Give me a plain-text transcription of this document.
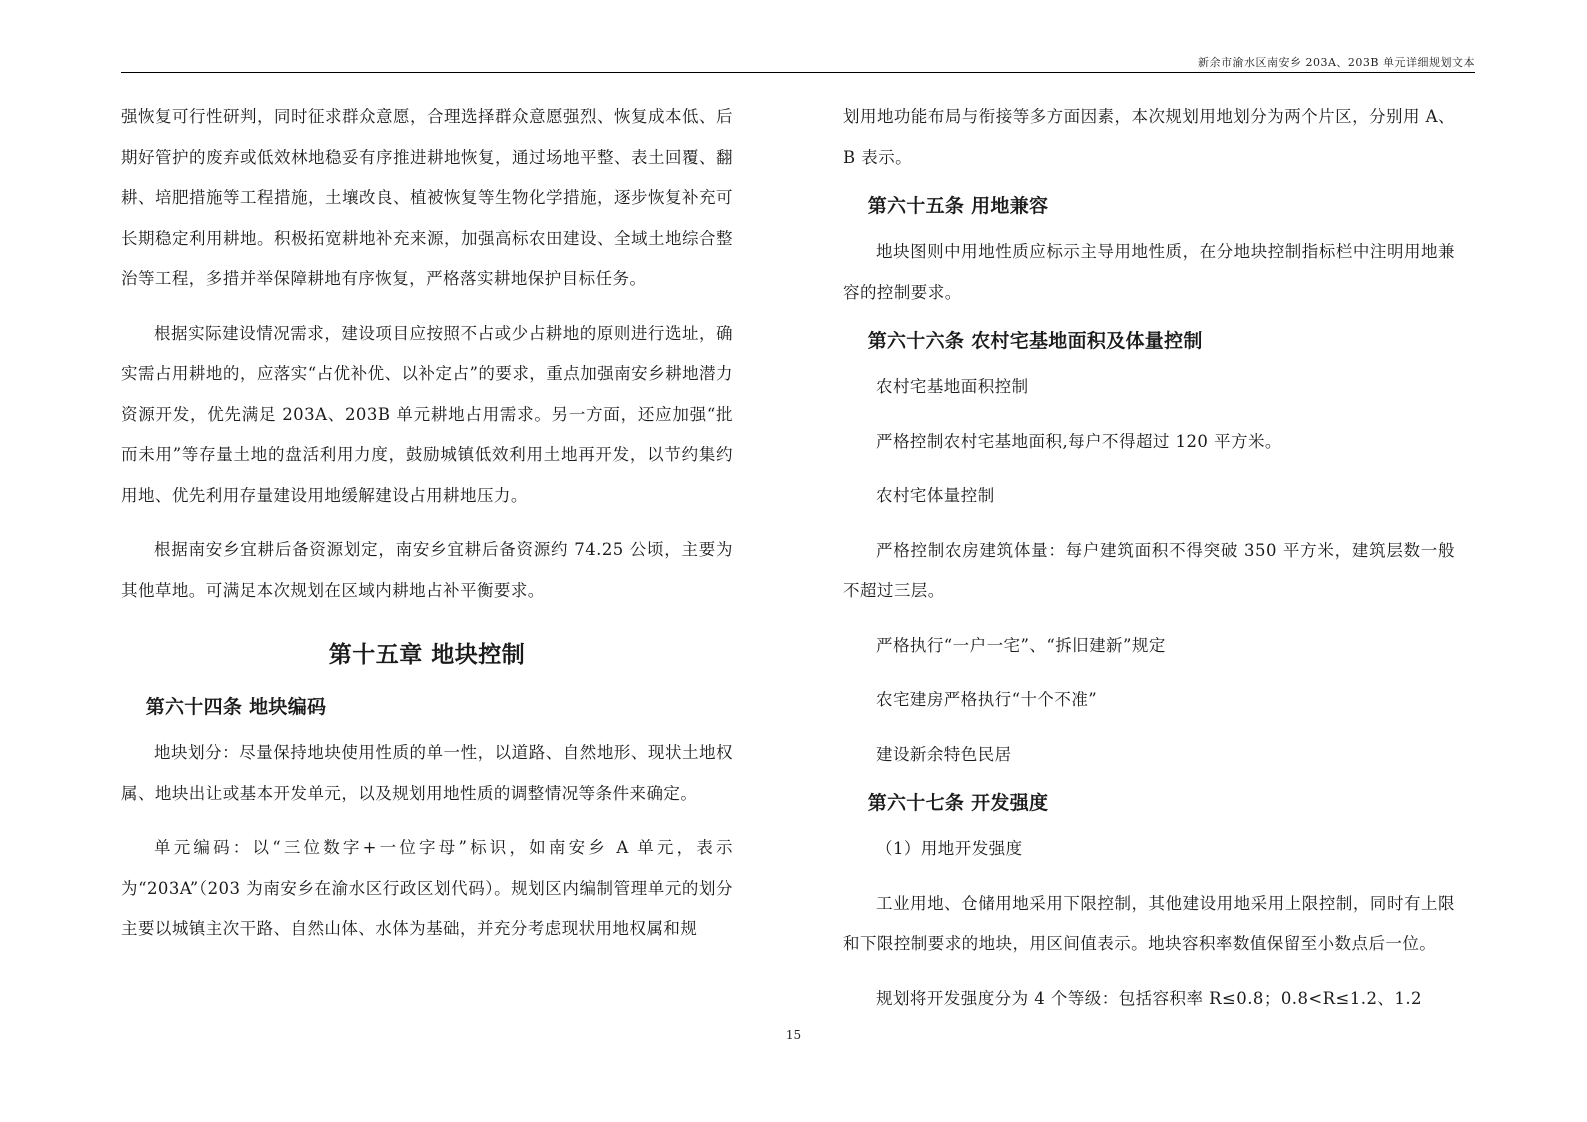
新余市渝水区南安乡 203A、203B 单元详细规划文本

强恢复可行性研判，同时征求群众意愿，合理选择群众意愿强烈、恢复成本低、后期好管护的废弃或低效林地稳妥有序推进耕地恢复，通过场地平整、表土回覆、翻耕、培肥措施等工程措施，土壤改良、植被恢复等生物化学措施，逐步恢复补充可长期稳定利用耕地。积极拓宽耕地补充来源，加强高标农田建设、全域土地综合整治等工程，多措并举保障耕地有序恢复，严格落实耕地保护目标任务。

根据实际建设情况需求，建设项目应按照不占或少占耕地的原则进行选址，确实需占用耕地的，应落实“占优补优、以补定占”的要求，重点加强南安乡耕地潜力资源开发，优先满足 203A、203B 单元耕地占用需求。另一方面，还应加强“批而未用”等存量土地的盘活利用力度，鼓励城镇低效利用土地再开发，以节约集约用地、优先利用存量建设用地缓解建设占用耕地压力。

根据南安乡宜耕后备资源划定，南安乡宜耕后备资源约 74.25 公顷，主要为其他草地。可满足本次规划在区域内耕地占补平衡要求。

第十五章 地块控制
第六十四条 地块编码

地块划分：尽量保持地块使用性质的单一性，以道路、自然地形、现状土地权属、地块出让或基本开发单元，以及规划用地性质的调整情况等条件来确定。

单元编码：以“三位数字+一位字母”标识，如南安乡 A 单元，表示为“203A”（203 为南安乡在渝水区行政区划代码）。规划区内编制管理单元的划分主要以城镇主次干路、自然山体、水体为基础，并充分考虑现状用地权属和规

划用地功能布局与衔接等多方面因素，本次规划用地划分为两个片区，分别用 A、B 表示。

第六十五条 用地兼容

地块图则中用地性质应标示主导用地性质，在分地块控制指标栏中注明用地兼容的控制要求。

第六十六条 农村宅基地面积及体量控制

农村宅基地面积控制

严格控制农村宅基地面积,每户不得超过 120 平方米。

农村宅体量控制

严格控制农房建筑体量：每户建筑面积不得突破 350 平方米，建筑层数一般不超过三层。

严格执行“一户一宅”、“拆旧建新”规定

农宅建房严格执行“十个不准”

建设新余特色民居

第六十七条 开发强度

（1）用地开发强度

工业用地、仓储用地采用下限控制，其他建设用地采用上限控制，同时有上限和下限控制要求的地块，用区间值表示。地块容积率数值保留至小数点后一位。

规划将开发强度分为 4 个等级：包括容积率 R≤0.8；0.8<R≤1.2、1.2

15
